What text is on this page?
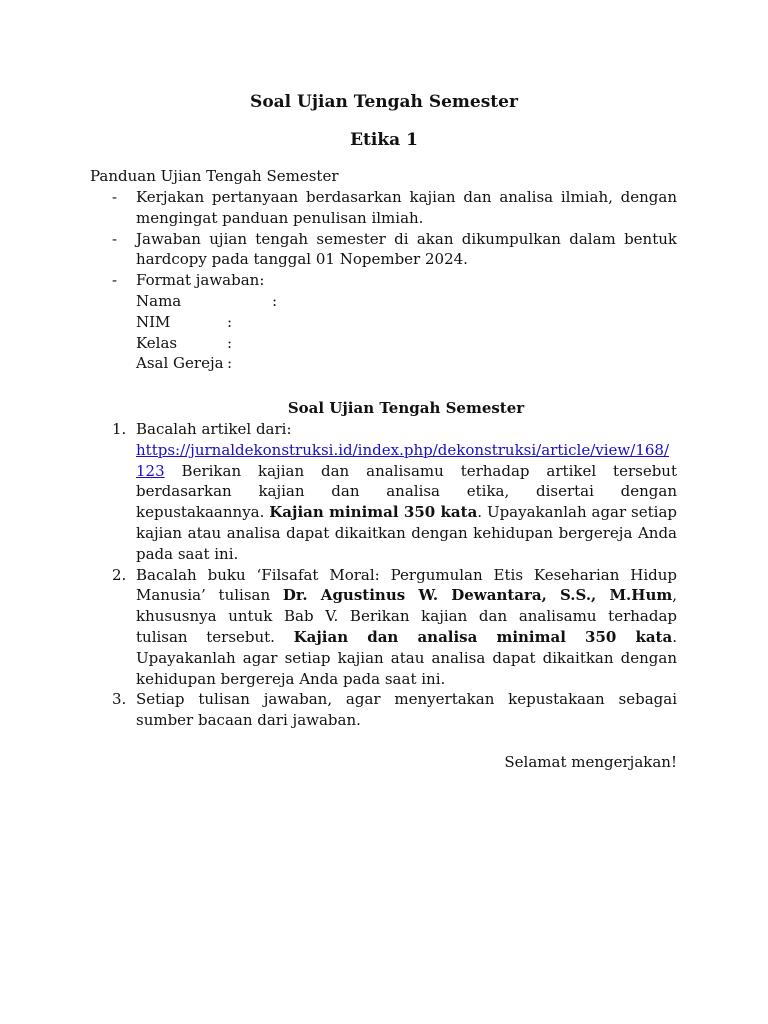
Soal Ujian Tengah Semester
Etika 1

Panduan Ujian Tengah Semester

- Kerjakan pertanyaan berdasarkan kajian dan analisa ilmiah, dengan mengingat panduan penulisan ilmiah.
- Jawaban ujian tengah semester di akan dikumpulkan dalam bentuk hardcopy pada tanggal 01 Nopember 2024.
- Format jawaban:
Nama	:
NIM	:
Kelas	:
Asal Gereja :

Soal Ujian Tengah Semester

1. Bacalah artikel dari:
https://jurnaldekonstruksi.id/index.php/dekonstruksi/article/view/168/123 Berikan kajian dan analisamu terhadap artikel tersebut berdasarkan kajian dan analisa etika, disertai dengan kepustakaannya. Kajian minimal 350 kata. Upayakanlah agar setiap kajian atau analisa dapat dikaitkan dengan kehidupan bergereja Anda pada saat ini.
2. Bacalah buku ‘Filsafat Moral: Pergumulan Etis Keseharian Hidup Manusia’ tulisan Dr. Agustinus W. Dewantara, S.S., M.Hum, khususnya untuk Bab V. Berikan kajian dan analisamu terhadap tulisan tersebut. Kajian dan analisa minimal 350 kata. Upayakanlah agar setiap kajian atau analisa dapat dikaitkan dengan kehidupan bergereja Anda pada saat ini.
3. Setiap tulisan jawaban, agar menyertakan kepustakaan sebagai sumber bacaan dari jawaban.

Selamat mengerjakan!
